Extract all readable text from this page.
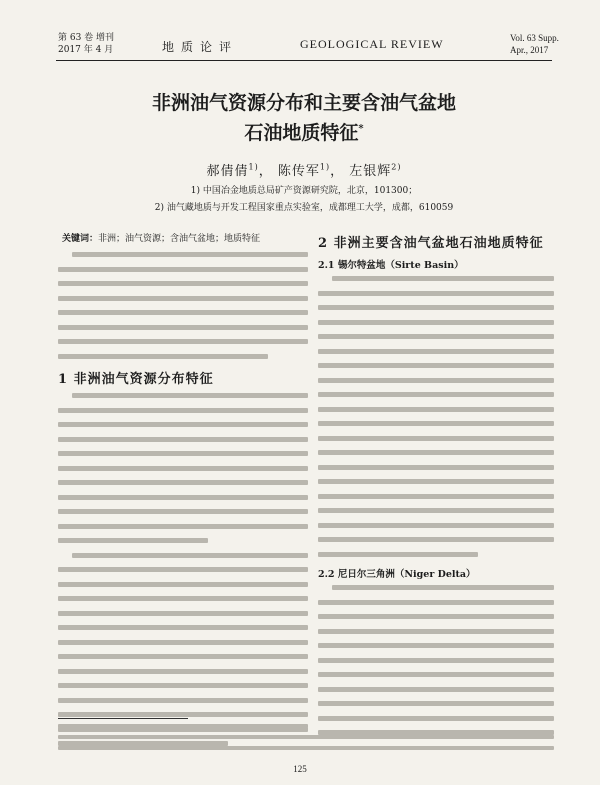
第 63 卷 增刊
2017 年 4 月	地质论评	GEOLOGICAL REVIEW	Vol. 63 Supp.
Apr., 2017
非洲油气资源分布和主要含油气盆地
石油地质特征*
郝倩倩$^{1)}$， 陈传军$^{1)}$， 左银辉$^{2)}$
1) 中国冶金地质总局矿产资源研究院，北京，101300；
2) 油气藏地质与开发工程国家重点实验室，成都理工大学，成都，610059
关键词：非洲；油气资源；含油气盆地；地质特征
1 非洲油气资源分布特征
2 非洲主要含油气盆地石油地质特征
2.1 锡尔特盆地（Sirte Basin）
2.2 尼日尔三角洲（Niger Delta）
125
